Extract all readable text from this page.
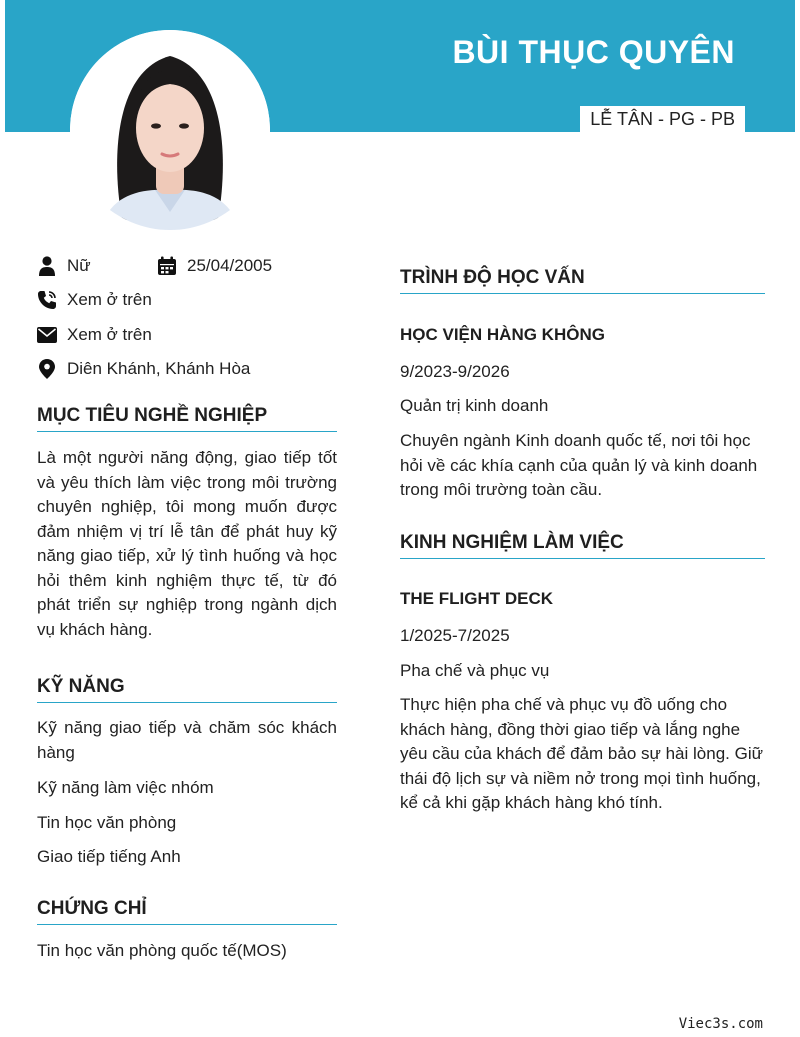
BÙI THỤC QUYÊN
LỄ TÂN - PG - PB
Nữ	25/04/2005
Xem ở trên
Xem ở trên
Diên Khánh, Khánh Hòa
MỤC TIÊU NGHỀ NGHIỆP
Là một người năng động, giao tiếp tốt và yêu thích làm việc trong môi trường chuyên nghiệp, tôi mong muốn được đảm nhiệm vị trí lễ tân để phát huy kỹ năng giao tiếp, xử lý tình huống và học hỏi thêm kinh nghiệm thực tế, từ đó phát triển sự nghiệp trong ngành dịch vụ khách hàng.
KỸ NĂNG
Kỹ năng giao tiếp và chăm sóc khách hàng
Kỹ năng làm việc nhóm
Tin học văn phòng
Giao tiếp tiếng Anh
CHỨNG CHỈ
Tin học văn phòng quốc tế(MOS)
TRÌNH ĐỘ HỌC VẤN
HỌC VIỆN HÀNG KHÔNG
9/2023-9/2026
Quản trị kinh doanh
Chuyên ngành Kinh doanh quốc tế, nơi tôi học hỏi về các khía cạnh của quản lý và kinh doanh trong môi trường toàn cầu.
KINH NGHIỆM LÀM VIỆC
THE FLIGHT DECK
1/2025-7/2025
Pha chế và phục vụ
Thực hiện pha chế và phục vụ đồ uống cho khách hàng, đồng thời giao tiếp và lắng nghe yêu cầu của khách để đảm bảo sự hài lòng. Giữ thái độ lịch sự và niềm nở trong mọi tình huống, kể cả khi gặp khách hàng khó tính.
Viec3s.com
